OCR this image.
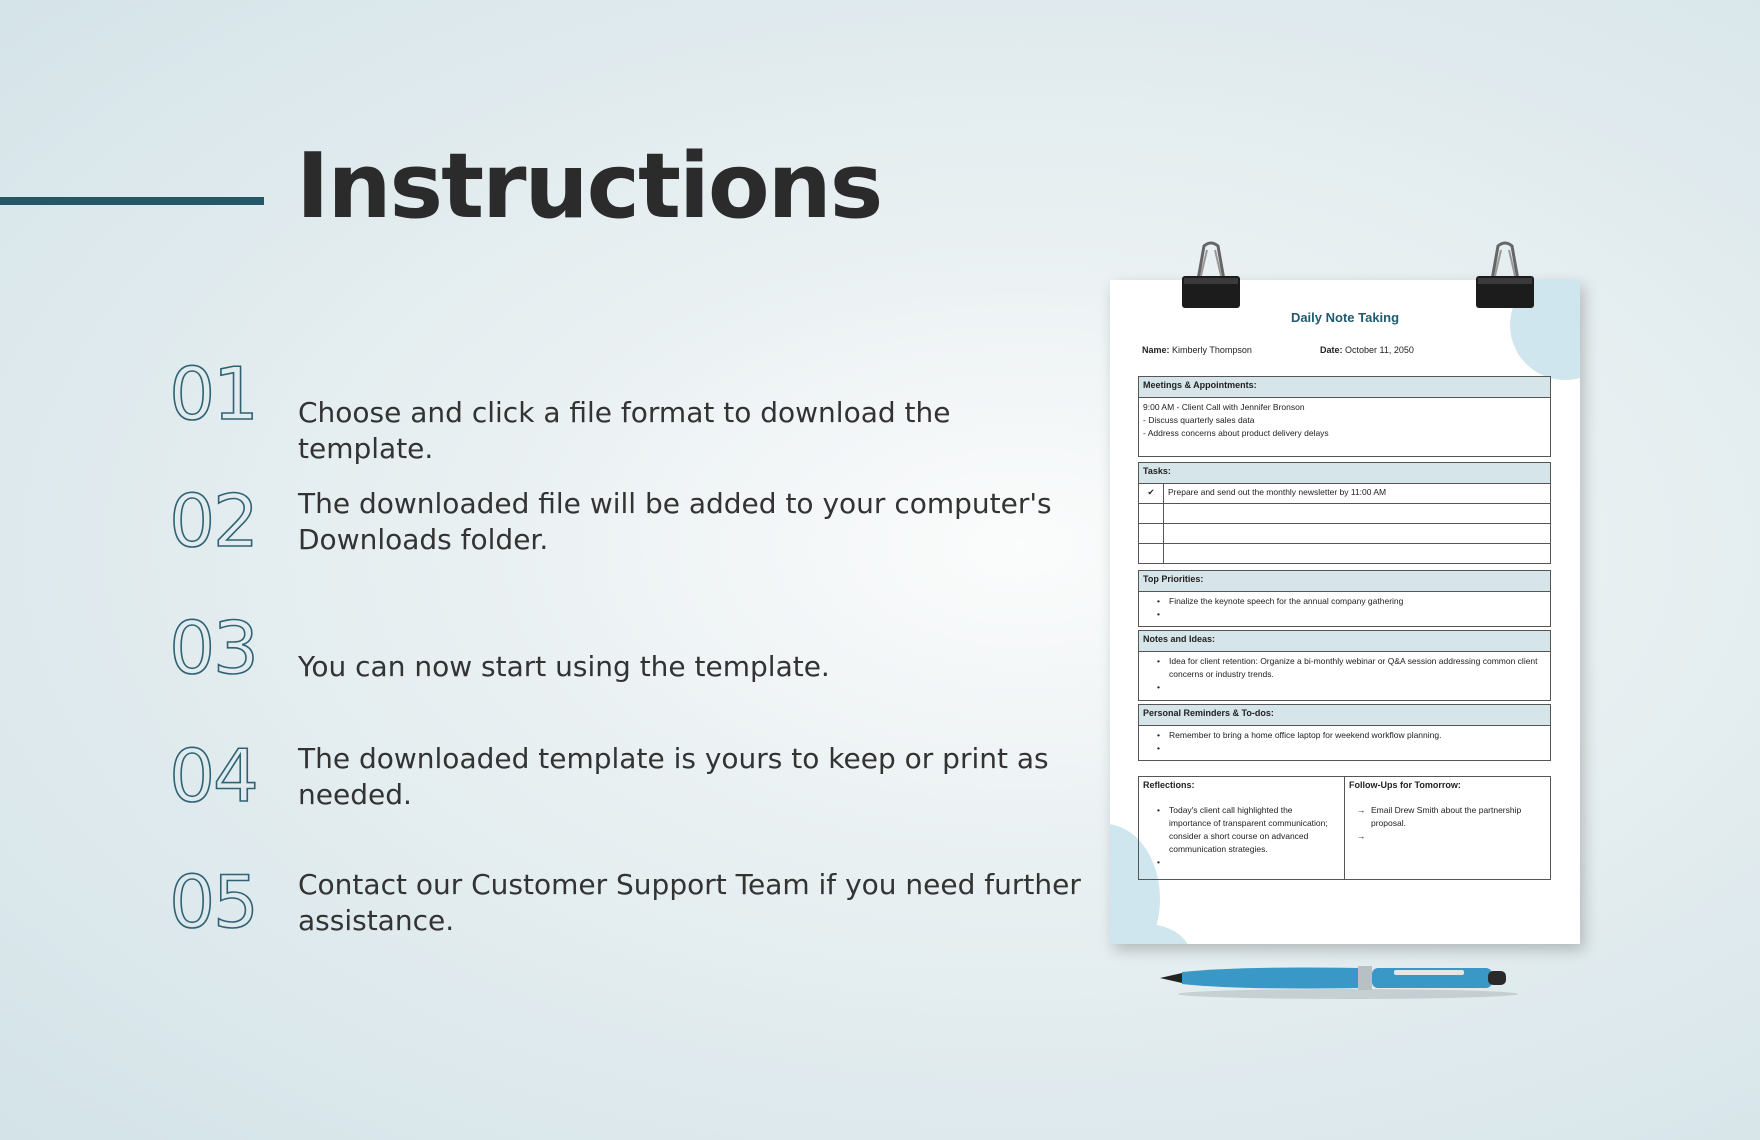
Instructions
01	Choose and click a file format to download the template.
02	The downloaded file will be added to your computer's Downloads folder.
03	You can now start using the template.
04	The downloaded template is yours to keep or print as needed.
05	Contact our Customer Support Team if you need further assistance.
Daily Note Taking
Name: Kimberly Thompson	Date: October 11, 2050
Meetings & Appointments:

9:00 AM - Client Call with Jennifer Bronson
- Discuss quarterly sales data
- Address concerns about product delivery delays
Tasks:	
✔	Prepare and send out the monthly newsletter by 11:00 AM

Top Priorities:

• Finalize the keynote speech for the annual company gathering
Notes and Ideas:

• Idea for client retention: Organize a bi-monthly webinar or Q&A session addressing common client concerns or industry trends.
Personal Reminders & To-dos:

• Remember to bring a home office laptop for weekend workflow planning.
Reflections:
• Today's client call highlighted the importance of transparent communication; consider a short course on advanced communication strategies.

Follow-Ups for Tomorrow:
→ Email Drew Smith about the partnership proposal.
